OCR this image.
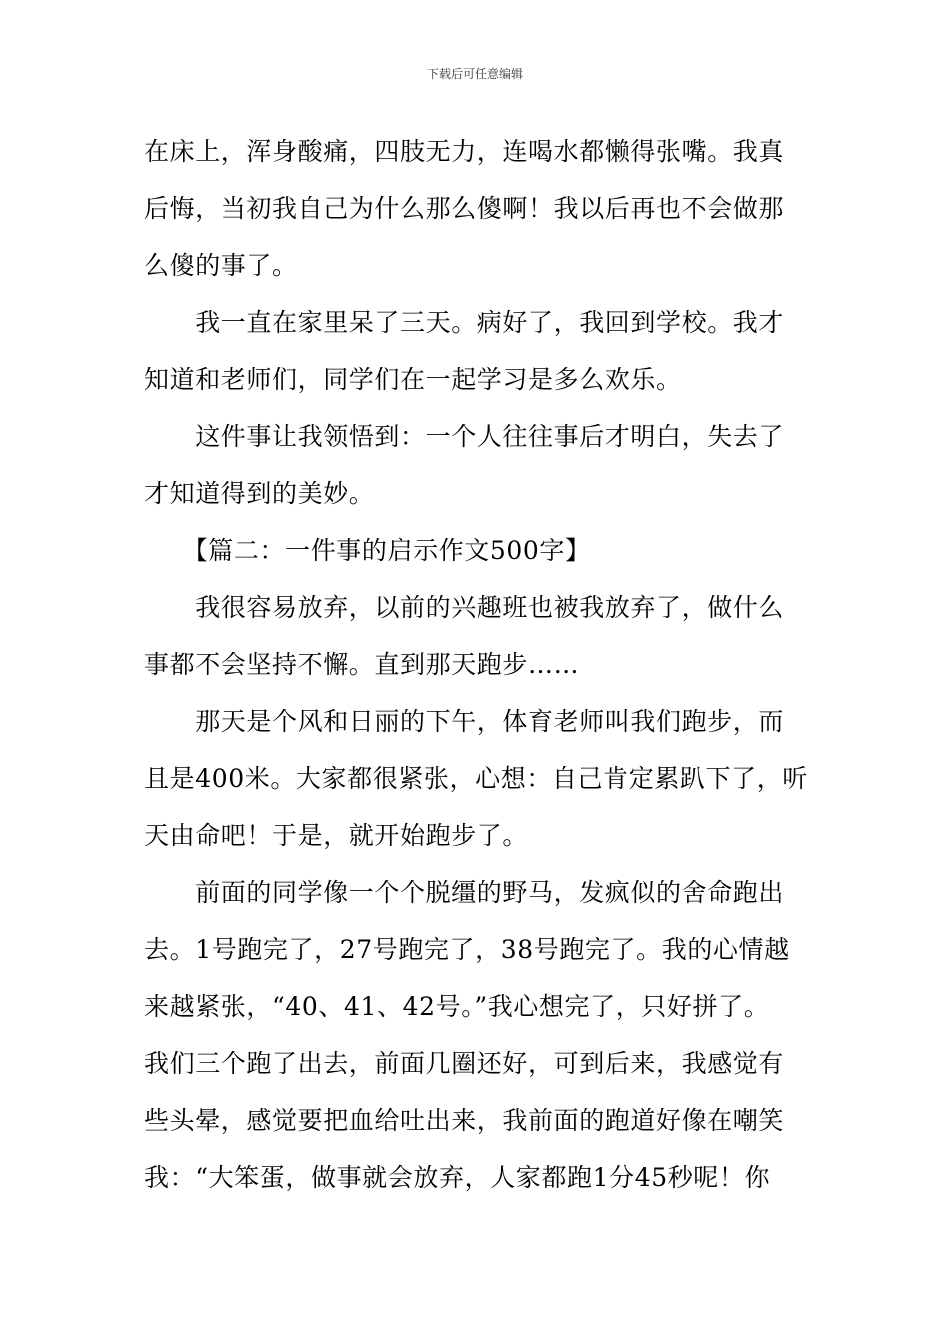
下载后可任意编辑
在床上，浑身酸痛，四肢无力，连喝水都懒得张嘴。我真
后悔，当初我自己为什么那么傻啊！我以后再也不会做那
么傻的事了。
　　我一直在家里呆了三天。病好了，我回到学校。我才
知道和老师们，同学们在一起学习是多么欢乐。
　　这件事让我领悟到：一个人往往事后才明白，失去了
才知道得到的美妙。
　　【篇二：一件事的启示作文500字】
　　我很容易放弃，以前的兴趣班也被我放弃了，做什么
事都不会坚持不懈。直到那天跑步……
　　那天是个风和日丽的下午，体育老师叫我们跑步，而
且是400米。大家都很紧张，心想：自己肯定累趴下了，听
天由命吧！于是，就开始跑步了。
　　前面的同学像一个个脱缰的野马，发疯似的舍命跑出
去。1号跑完了，27号跑完了，38号跑完了。我的心情越
来越紧张，“40、41、42号。”我心想完了，只好拼了。
我们三个跑了出去，前面几圈还好，可到后来，我感觉有
些头晕，感觉要把血给吐出来，我前面的跑道好像在嘲笑
我：“大笨蛋，做事就会放弃，人家都跑1分45秒呢！你
